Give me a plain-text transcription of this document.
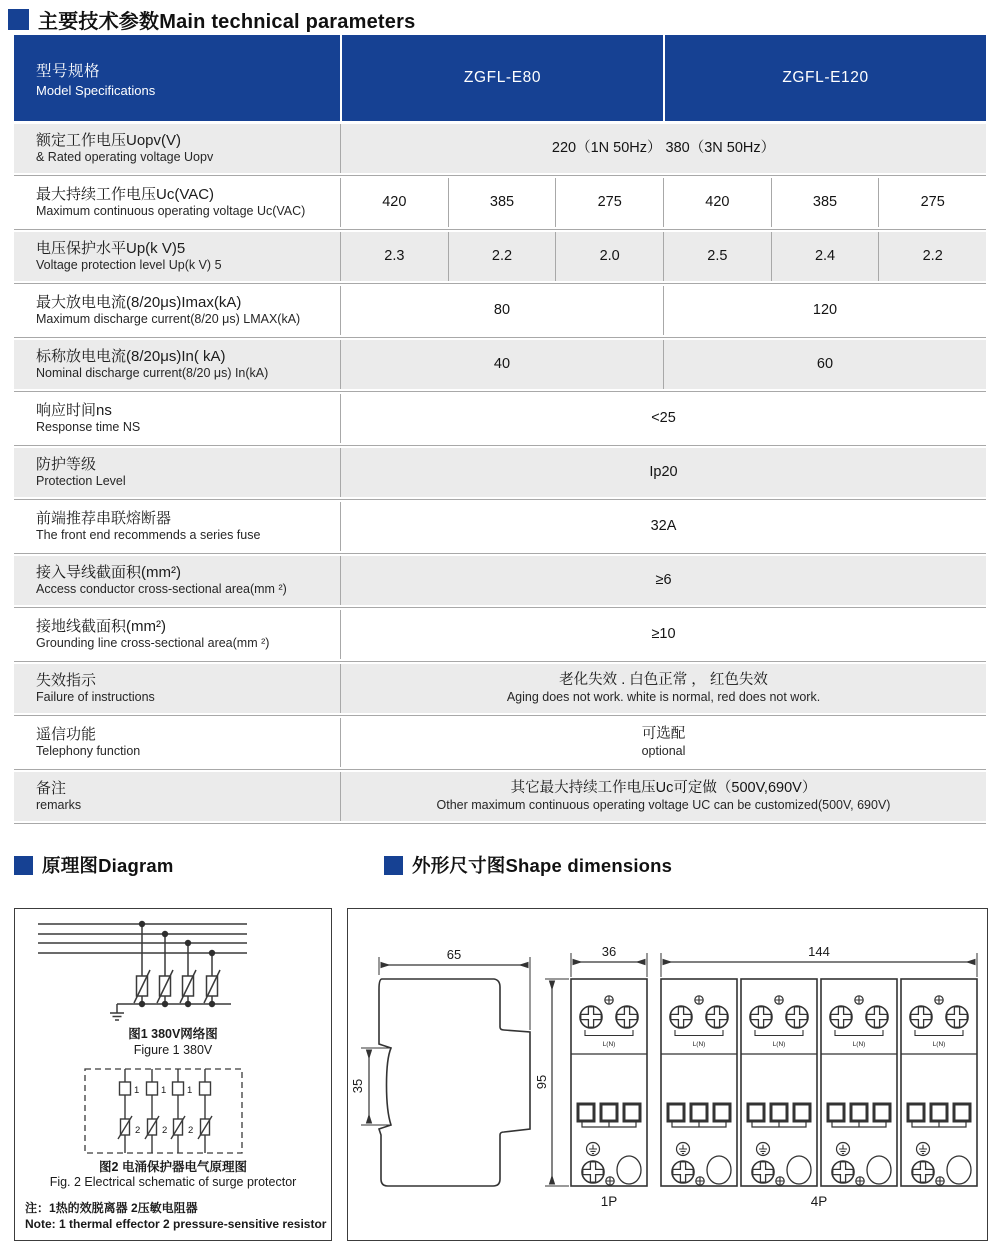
主要技术参数Main technical parameters
型号规格
Model Specifications
ZGFL-E80	ZGFL-E120
额定工作电压Uopv(V)
& Rated operating voltage Uopv
220（1N 50Hz） 380（3N 50Hz）
最大持续工作电压Uc(VAC)
Maximum continuous operating voltage Uc(VAC)
420	385	275	420	385	275
电压保护水平Up(k V)5
Voltage protection level Up(k V) 5
2.3	2.2	2.0	2.5	2.4	2.2
最大放电电流(8/20μs)Imax(kA)
Maximum discharge current(8/20 μs) LMAX(kA)
80	120
标称放电电流(8/20μs)In( kA)
Nominal discharge current(8/20 μs) In(kA)
40	60
响应时间ns
Response time NS
<25
防护等级
Protection Level
Ip20
前端推荐串联熔断器
The front end recommends a series fuse
32A
接入导线截面积(mm²)
Access conductor cross-sectional area(mm ²)
≥6
接地线截面积(mm²)
Grounding line cross-sectional area(mm ²)
≥10
失效指示
Failure of instructions
老化失效 . 白色正常 ， 红色失效
Aging does not work. white is normal, red does not work.
遥信功能
Telephony function
可选配
optional
备注
remarks
其它最大持续工作电压Uc可定做（500V,690V）
Other maximum continuous operating voltage UC can be customized(500V, 690V)
原理图Diagram	外形尺寸图Shape dimensions
图1 380V网络图
Figure 1 380V
1 1 1
2 2 2
图2 电涌保护器电气原理图
Fig. 2 Electrical schematic of surge protector
注：1热的效脱离器 2压敏电阻器
Note: 1 thermal effector 2 pressure-sensitive resistor
L(N)
65
35	95
36	144
1P	4P
